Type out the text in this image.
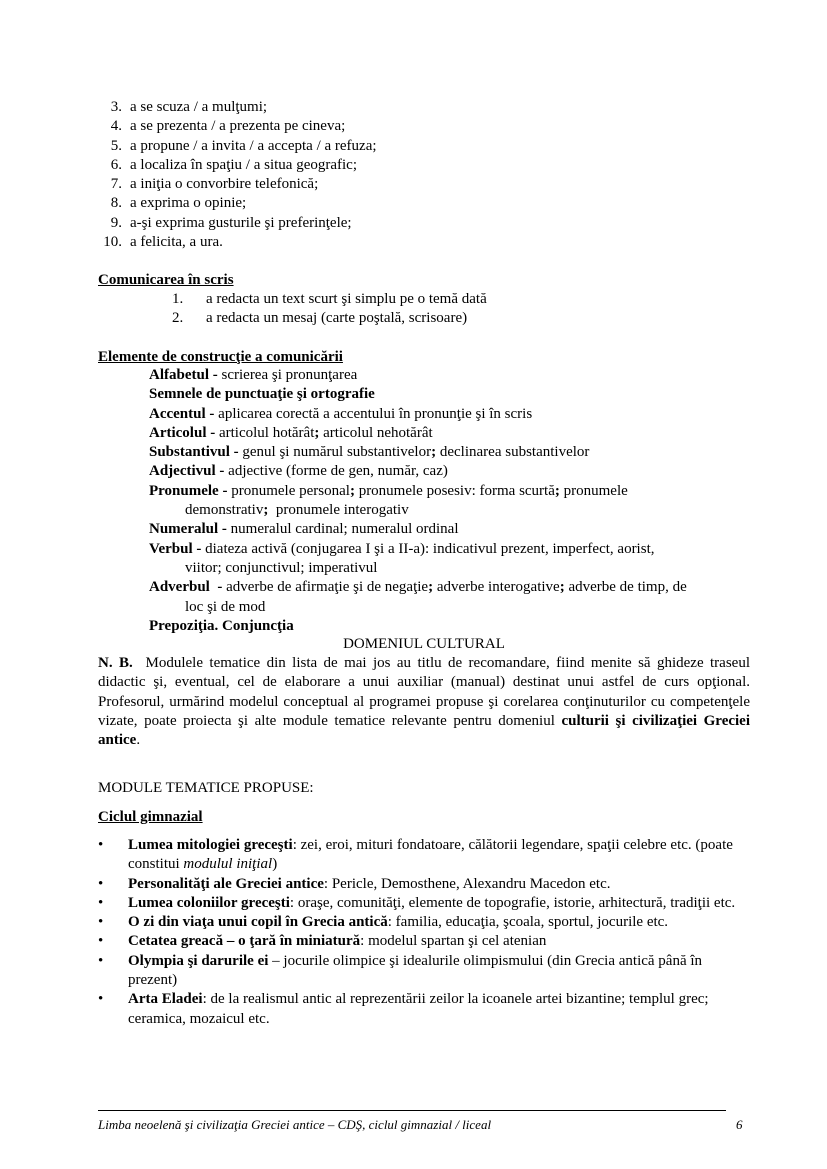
3. a se scuza / a mulţumi;
4. a se prezenta / a prezenta pe cineva;
5. a propune / a invita / a accepta / a refuza;
6. a localiza în spaţiu / a situa geografic;
7. a iniţia o convorbire telefonică;
8. a exprima o opinie;
9. a-şi exprima gusturile şi preferinţele;
10. a felicita, a ura.
Comunicarea în scris
1. a redacta un text scurt şi simplu pe o temă dată
2. a redacta un mesaj (carte poştală, scrisoare)
Elemente de construcţie a comunicării
Alfabetul - scrierea şi pronunţarea
Semnele de punctuaţie şi ortografie
Accentul - aplicarea corectă a accentului în pronunţie şi în scris
Articolul - articolul hotărât; articolul nehotărât
Substantivul - genul şi numărul substantivelor; declinarea substantivelor
Adjectivul - adjective (forme de gen, număr, caz)
Pronumele - pronumele personal; pronumele posesiv: forma scurtă; pronumele
demonstrativ;  pronumele interogativ
Numeralul - numeralul cardinal; numeralul ordinal
Verbul - diateza activă (conjugarea I şi a II-a): indicativul prezent, imperfect, aorist,
viitor; conjunctivul; imperativul
Adverbul  - adverbe de afirmaţie şi de negaţie; adverbe interogative; adverbe de timp, de
loc şi de mod
Prepoziţia. Conjuncţia
DOMENIUL CULTURAL
N. B.  Modulele tematice din lista de mai jos au titlu de recomandare, fiind menite să ghideze traseul didactic şi, eventual, cel de elaborare a unui auxiliar (manual) destinat unui astfel de curs opţional. Profesorul, urmărind modelul conceptual al programei propuse şi corelarea conţinuturilor cu competenţele vizate, poate proiecta şi alte module tematice relevante pentru domeniul culturii şi civilizaţiei Greciei antice.
MODULE TEMATICE PROPUSE:
Ciclul gimnazial
•	Lumea mitologiei greceşti: zei, eroi, mituri fondatoare, călătorii legendare, spaţii celebre etc. (poate constitui modulul iniţial)
•	Personalităţi ale Greciei antice: Pericle, Demosthene, Alexandru Macedon etc.
•	Lumea coloniilor greceşti: oraşe, comunităţi, elemente de topografie, istorie, arhitectură, tradiţii etc.
•	O zi din viaţa unui copil în Grecia antică: familia, educaţia, şcoala, sportul, jocurile etc.
•	Cetatea greacă – o ţară în miniatură: modelul spartan şi cel atenian
•	Olympia şi darurile ei – jocurile olimpice şi idealurile olimpismului (din Grecia antică până în prezent)
•	Arta Eladei: de la realismul antic al reprezentării zeilor la icoanele artei bizantine; templul grec; ceramica, mozaicul etc.
Limba neoelenă şi civilizaţia Greciei antice – CDŞ, ciclul gimnazial / liceal	6
